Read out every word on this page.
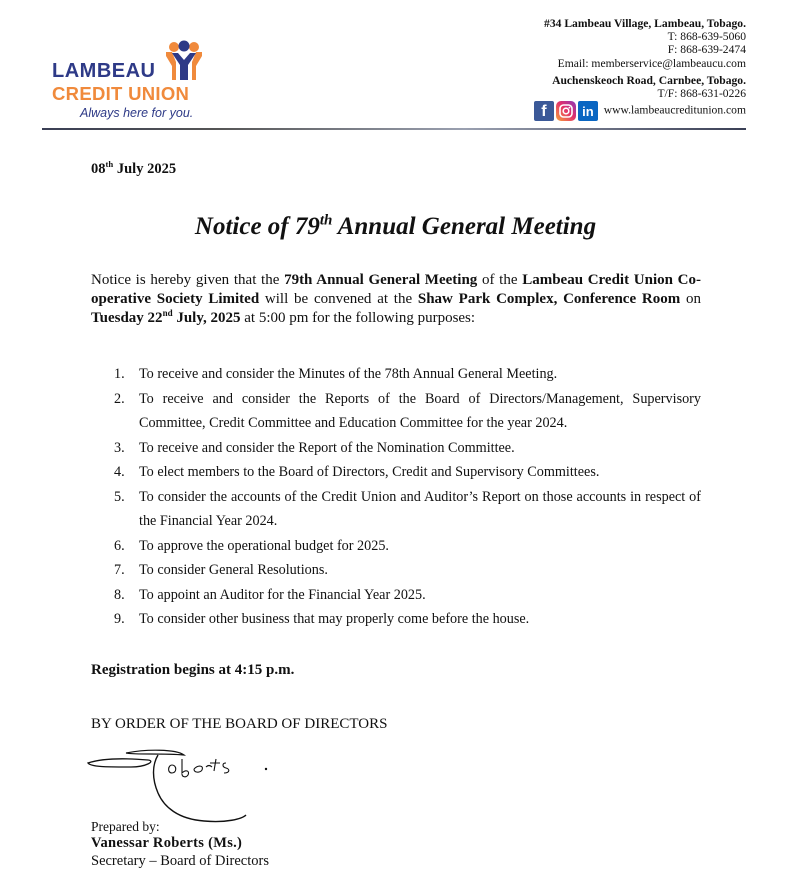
LAMBEAU
CREDIT UNION
Always here for you.
#34 Lambeau Village, Lambeau, Tobago.
T: 868-639-5060
F: 868-639-2474
Email: memberservice@lambeaucu.com
Auchenskeoch Road, Carnbee, Tobago.
T/F: 868-631-0226
f	in www.lambeaucreditunion.com
08th July 2025
Notice of 79th Annual General Meeting
Notice is hereby given that the 79th Annual General Meeting of the Lambeau Credit Union Co-operative Society Limited will be convened at the Shaw Park Complex, Conference Room on Tuesday 22nd July, 2025 at 5:00 pm for the following purposes:
1. To receive and consider the Minutes of the 78th Annual General Meeting.
2. To receive and consider the Reports of the Board of Directors/Management, Supervisory Committee, Credit Committee and Education Committee for the year 2024.
3. To receive and consider the Report of the Nomination Committee.
4. To elect members to the Board of Directors, Credit and Supervisory Committees.
5. To consider the accounts of the Credit Union and Auditor’s Report on those accounts in respect of the Financial Year 2024.
6. To approve the operational budget for 2025.
7. To consider General Resolutions.
8. To appoint an Auditor for the Financial Year 2025.
9. To consider other business that may properly come before the house.
Registration begins at 4:15 p.m.
BY ORDER OF THE BOARD OF DIRECTORS
Prepared by:
Vanessar Roberts (Ms.)
Secretary – Board of Directors
